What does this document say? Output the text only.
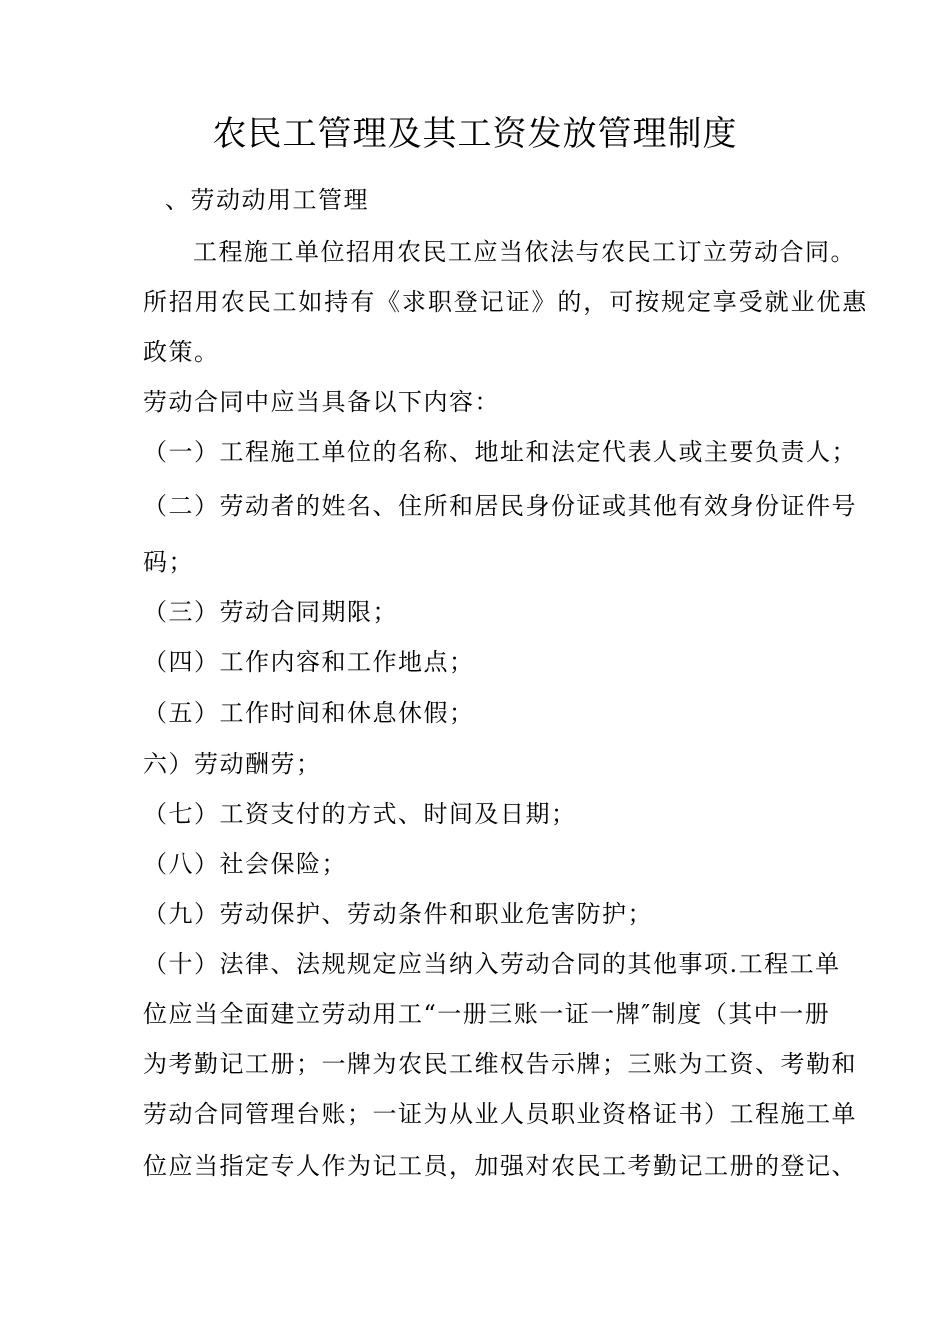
农民工管理及其工资发放管理制度
、劳动动用工管理
工程施工单位招用农民工应当依法与农民工订立劳动合同。
所招用农民工如持有《求职登记证》的，可按规定享受就业优惠
政策。
劳动合同中应当具备以下内容：
（一）工程施工单位的名称、地址和法定代表人或主要负责人；
（二）劳动者的姓名、住所和居民身份证或其他有效身份证件号
码；
（三）劳动合同期限；
（四）工作内容和工作地点；
（五）工作时间和休息休假；
六）劳动酬劳；
（七）工资支付的方式、时间及日期；
（八）社会保险；
（九）劳动保护、劳动条件和职业危害防护；
（十）法律、法规规定应当纳入劳动合同的其他事项.工程工单
位应当全面建立劳动用工“一册三账一证一牌″制度（其中一册
为考勤记工册；一牌为农民工维权告示牌；三账为工资、考勒和
劳动合同管理台账；一证为从业人员职业资格证书）工程施工单
位应当指定专人作为记工员，加强对农民工考勤记工册的登记、
